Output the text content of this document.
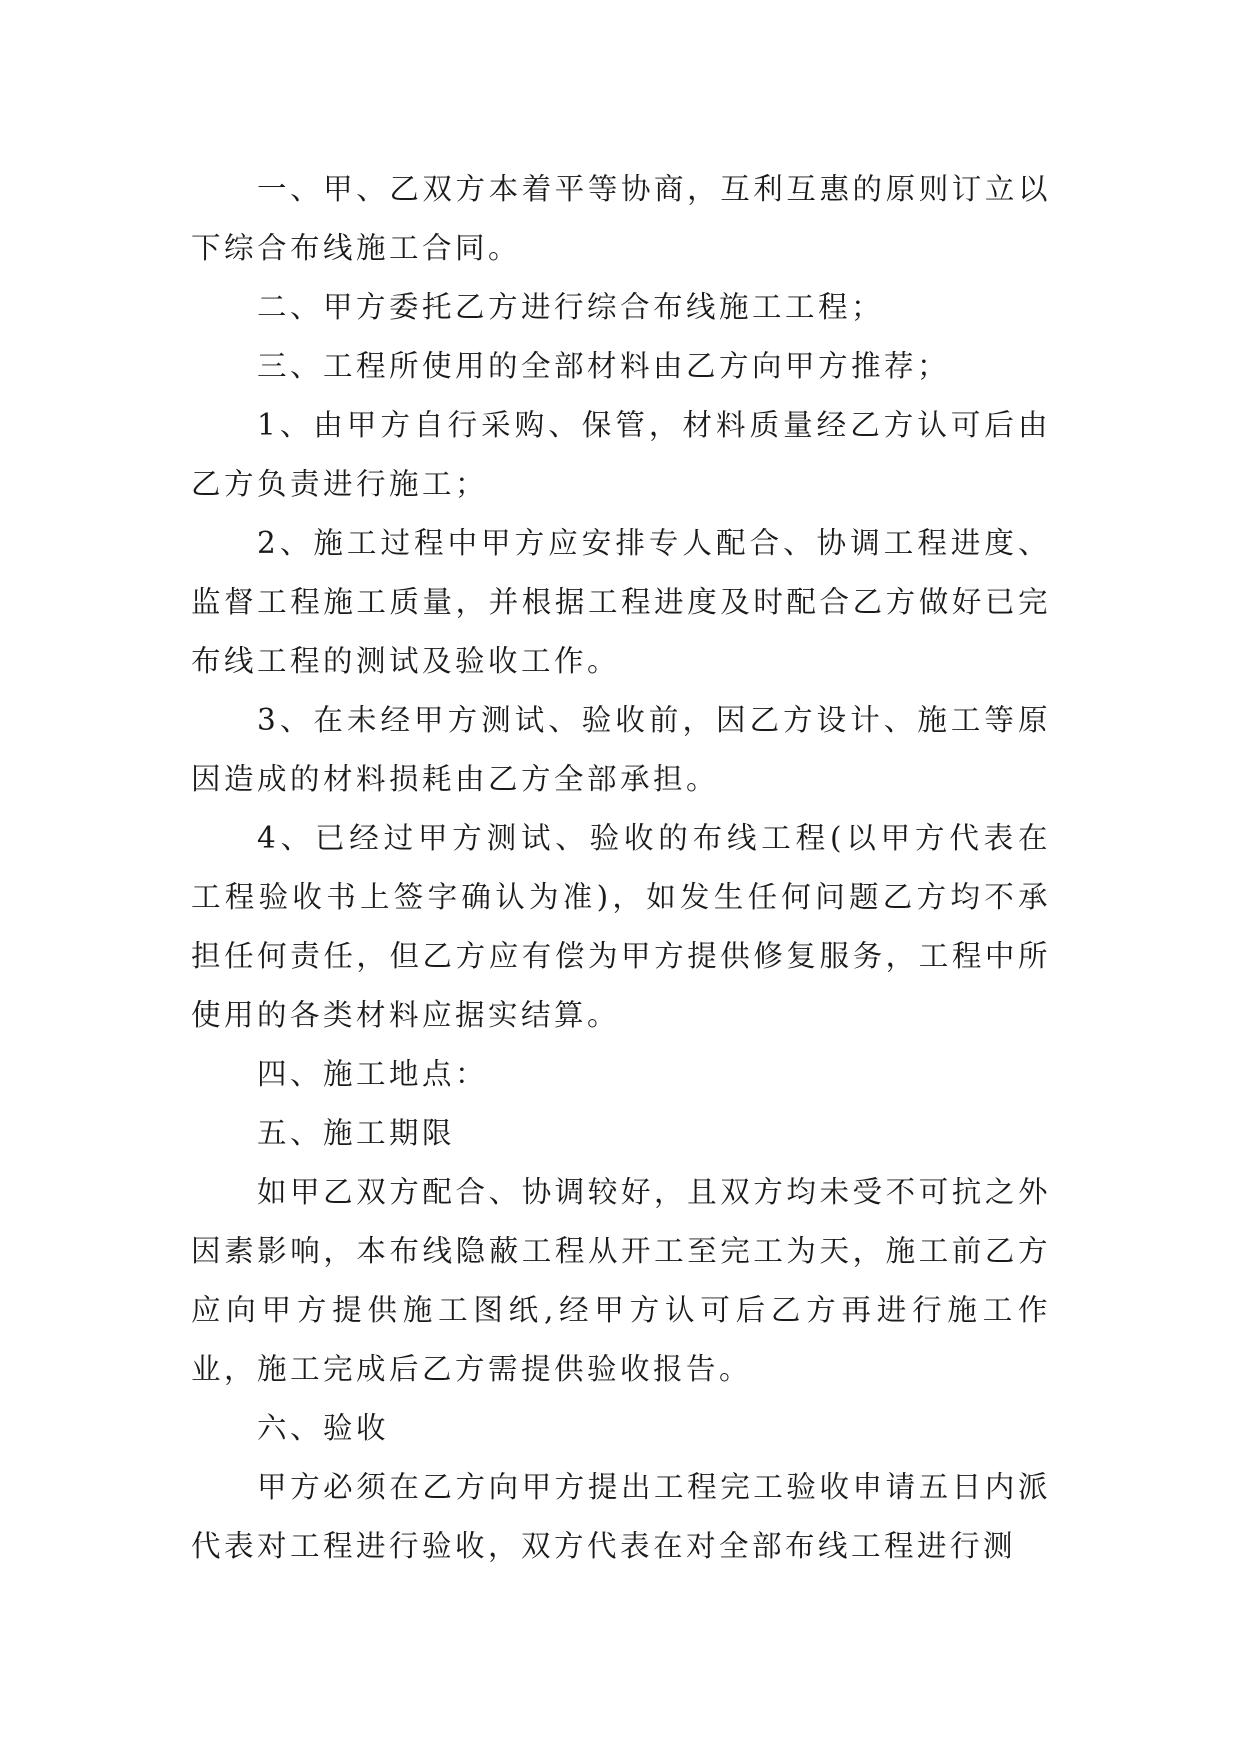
一、甲、乙双方本着平等协商，互利互惠的原则订立以下综合布线施工合同。

二、甲方委托乙方进行综合布线施工工程；

三、工程所使用的全部材料由乙方向甲方推荐；

1、由甲方自行采购、保管，材料质量经乙方认可后由乙方负责进行施工；

2、施工过程中甲方应安排专人配合、协调工程进度、监督工程施工质量，并根据工程进度及时配合乙方做好已完布线工程的测试及验收工作。

3、在未经甲方测试、验收前，因乙方设计、施工等原因造成的材料损耗由乙方全部承担。

4、已经过甲方测试、验收的布线工程(以甲方代表在工程验收书上签字确认为准)，如发生任何问题乙方均不承担任何责任，但乙方应有偿为甲方提供修复服务，工程中所使用的各类材料应据实结算。

四、施工地点：

五、施工期限

如甲乙双方配合、协调较好，且双方均未受不可抗之外因素影响，本布线隐蔽工程从开工至完工为天，施工前乙方应向甲方提供施工图纸,经甲方认可后乙方再进行施工作业，施工完成后乙方需提供验收报告。

六、验收

甲方必须在乙方向甲方提出工程完工验收申请五日内派代表对工程进行验收，双方代表在对全部布线工程进行测
